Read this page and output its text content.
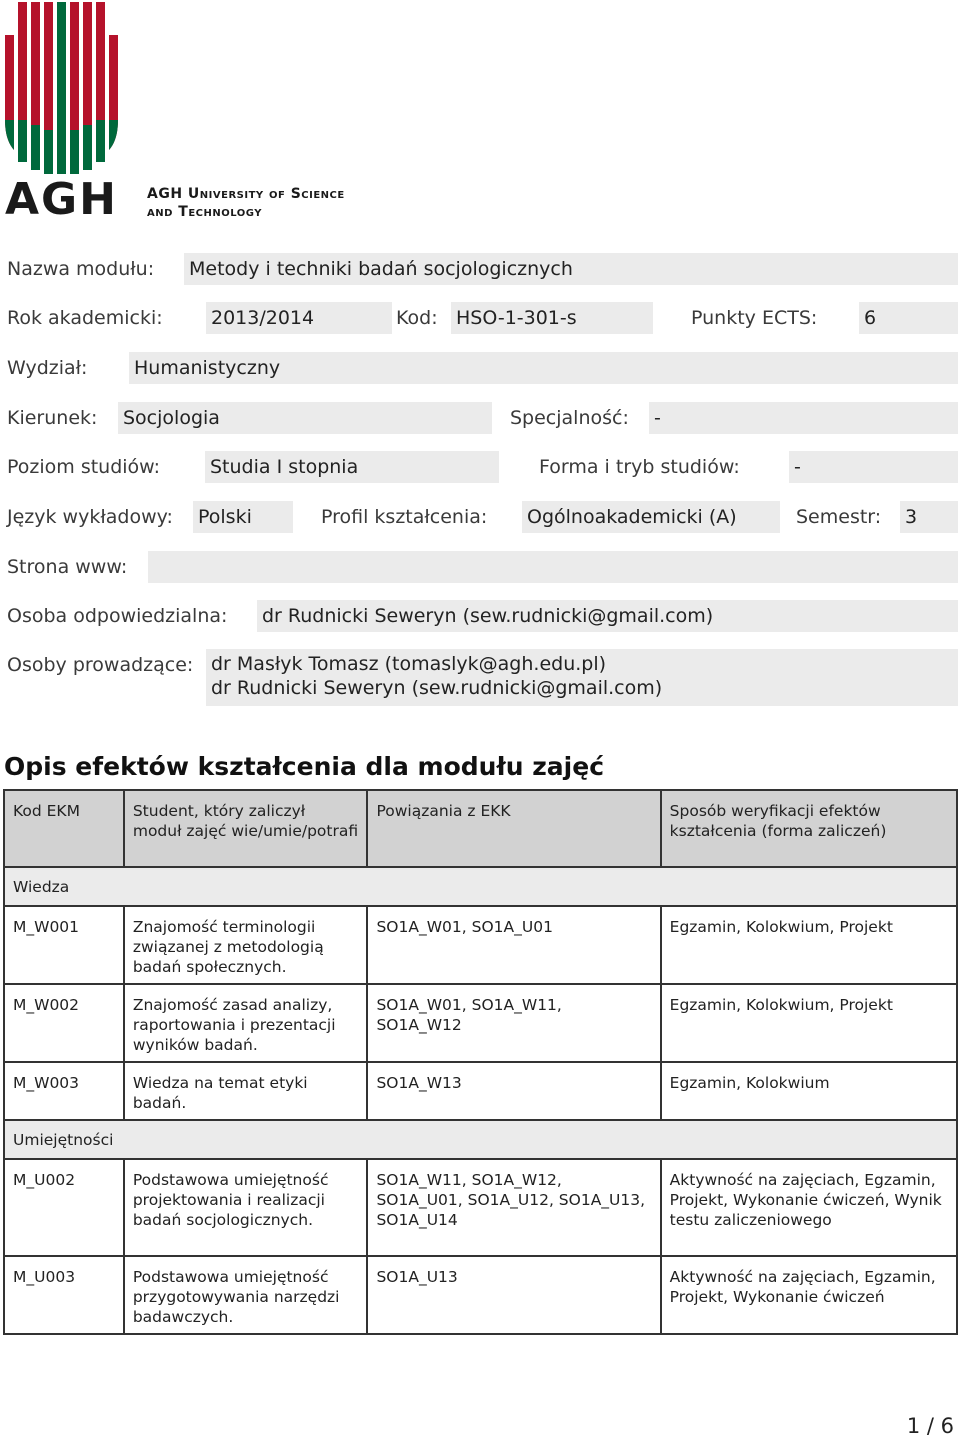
AGH AGH University of Science
and Technology
Nazwa modułu: Metody i techniki badań socjologicznych
Rok akademicki:	2013/2014	Kod: HSO-1-301-s	Punkty ECTS: 6
Wydział: Humanistyczny
Kierunek: Socjologia	Specjalność: -
Poziom studiów:	Studia I stopnia	Forma i tryb studiów:	-
Język wykładowy: Polski	Profil kształcenia: Ogólnoakademicki (A)	Semestr: 3
Strona www:
Osoba odpowiedzialna: dr Rudnicki Seweryn (sew.rudnicki@gmail.com)
Osoby prowadzące: dr Masłyk Tomasz (tomaslyk@agh.edu.pl)
dr Rudnicki Seweryn (sew.rudnicki@gmail.com)
Opis efektów kształcenia dla modułu zajęć
Kod EKM	Student, który zaliczył moduł zajęć wie/umie/potrafi	Powiązania z EKK	Sposób weryfikacji efektów kształcenia (forma zaliczeń)
Wiedza			
M_W001	Znajomość terminologii związanej z metodologią badań społecznych.	SO1A_W01, SO1A_U01	Egzamin, Kolokwium, Projekt
M_W002	Znajomość zasad analizy, raportowania i prezentacji wyników badań.	SO1A_W01, SO1A_W11, SO1A_W12	Egzamin, Kolokwium, Projekt
M_W003	Wiedza na temat etyki badań.	SO1A_W13	Egzamin, Kolokwium
Umiejętności			
M_U002	Podstawowa umiejętność projektowania i realizacji badań socjologicznych.	SO1A_W11, SO1A_W12, SO1A_U01, SO1A_U12, SO1A_U13, SO1A_U14	Aktywność na zajęciach, Egzamin, Projekt, Wykonanie ćwiczeń, Wynik testu zaliczeniowego
M_U003	Podstawowa umiejętność przygotowywania narzędzi badawczych.	SO1A_U13	Aktywność na zajęciach, Egzamin, Projekt, Wykonanie ćwiczeń
1 / 6
